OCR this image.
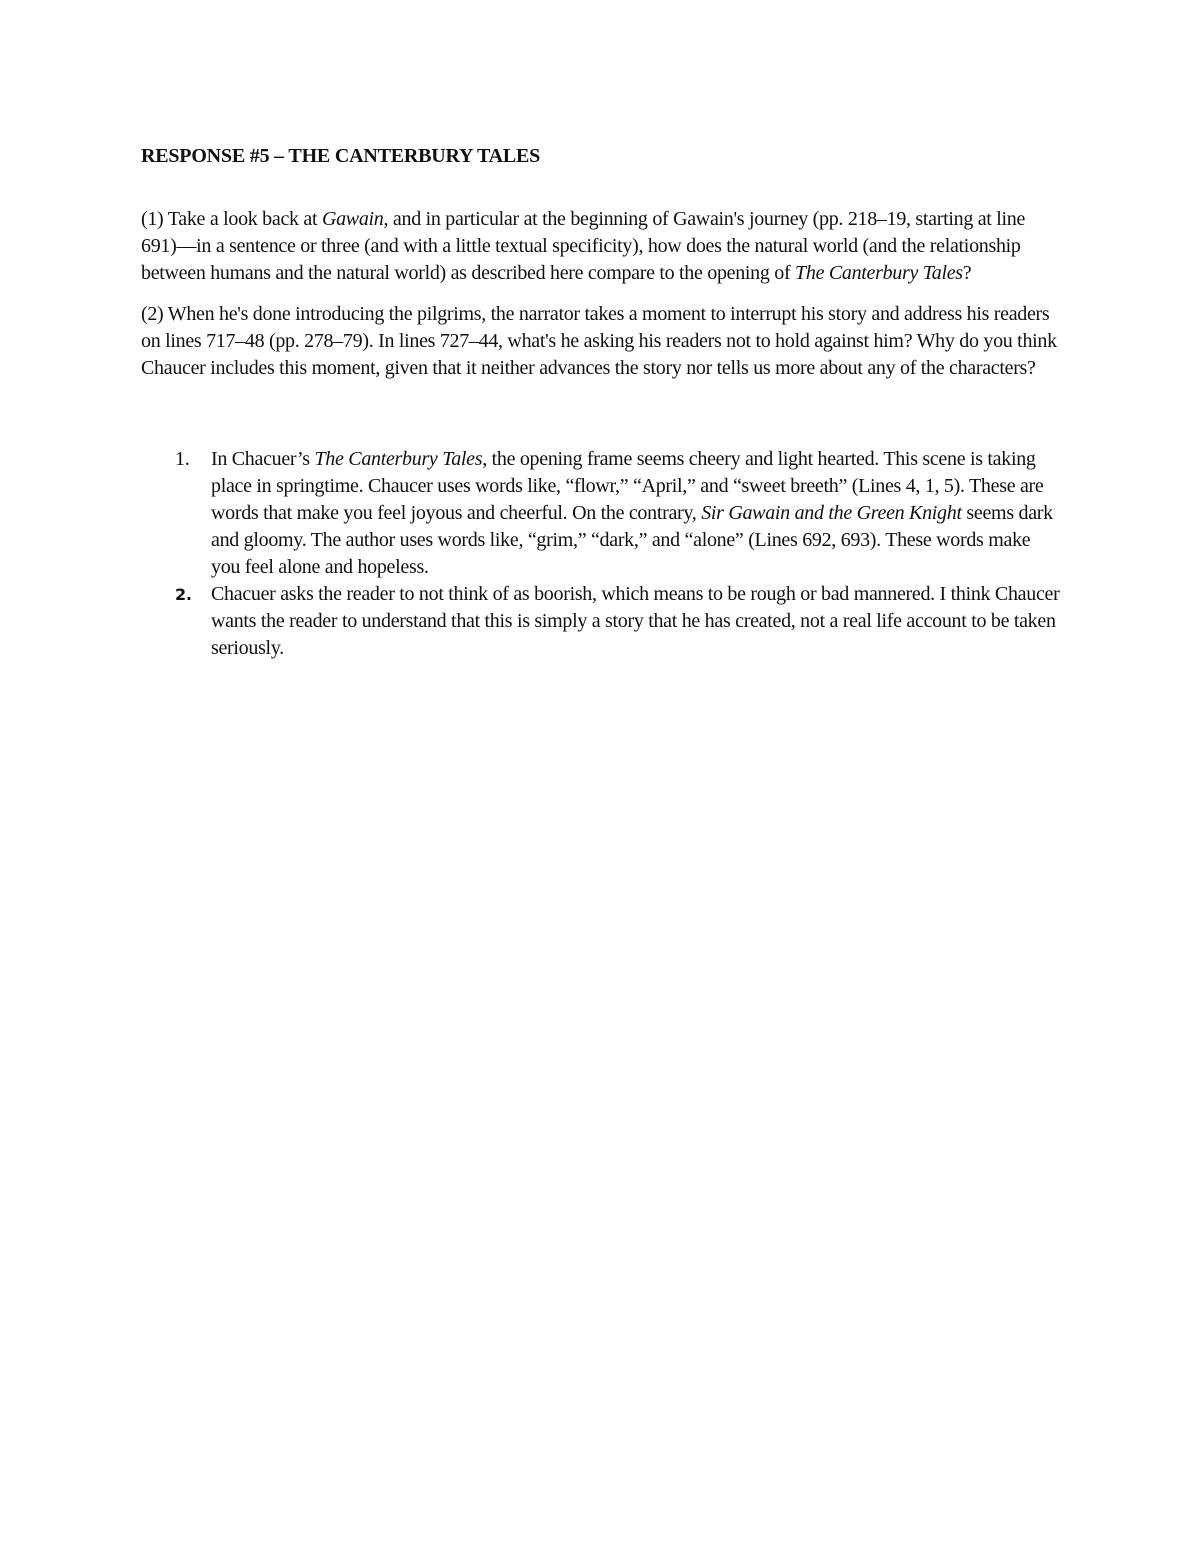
RESPONSE #5 – THE CANTERBURY TALES

(1) Take a look back at Gawain, and in particular at the beginning of Gawain's journey (pp. 218–19, starting at line 691)—in a sentence or three (and with a little textual specificity), how does the natural world (and the relationship between humans and the natural world) as described here compare to the opening of The Canterbury Tales?

(2) When he's done introducing the pilgrims, the narrator takes a moment to interrupt his story and address his readers on lines 717–48 (pp. 278–79). In lines 727–44, what's he asking his readers not to hold against him? Why do you think Chaucer includes this moment, given that it neither advances the story nor tells us more about any of the characters?

1. In Chacuer’s The Canterbury Tales, the opening frame seems cheery and light hearted. This scene is taking place in springtime. Chaucer uses words like, “flowr,” “April,” and “sweet breeth” (Lines 4, 1, 5). These are words that make you feel joyous and cheerful. On the contrary, Sir Gawain and the Green Knight seems dark and gloomy. The author uses words like, “grim,” “dark,” and “alone” (Lines 692, 693). These words make you feel alone and hopeless.
2. Chacuer asks the reader to not think of as boorish, which means to be rough or bad mannered. I think Chaucer wants the reader to understand that this is simply a story that he has created, not a real life account to be taken seriously.
